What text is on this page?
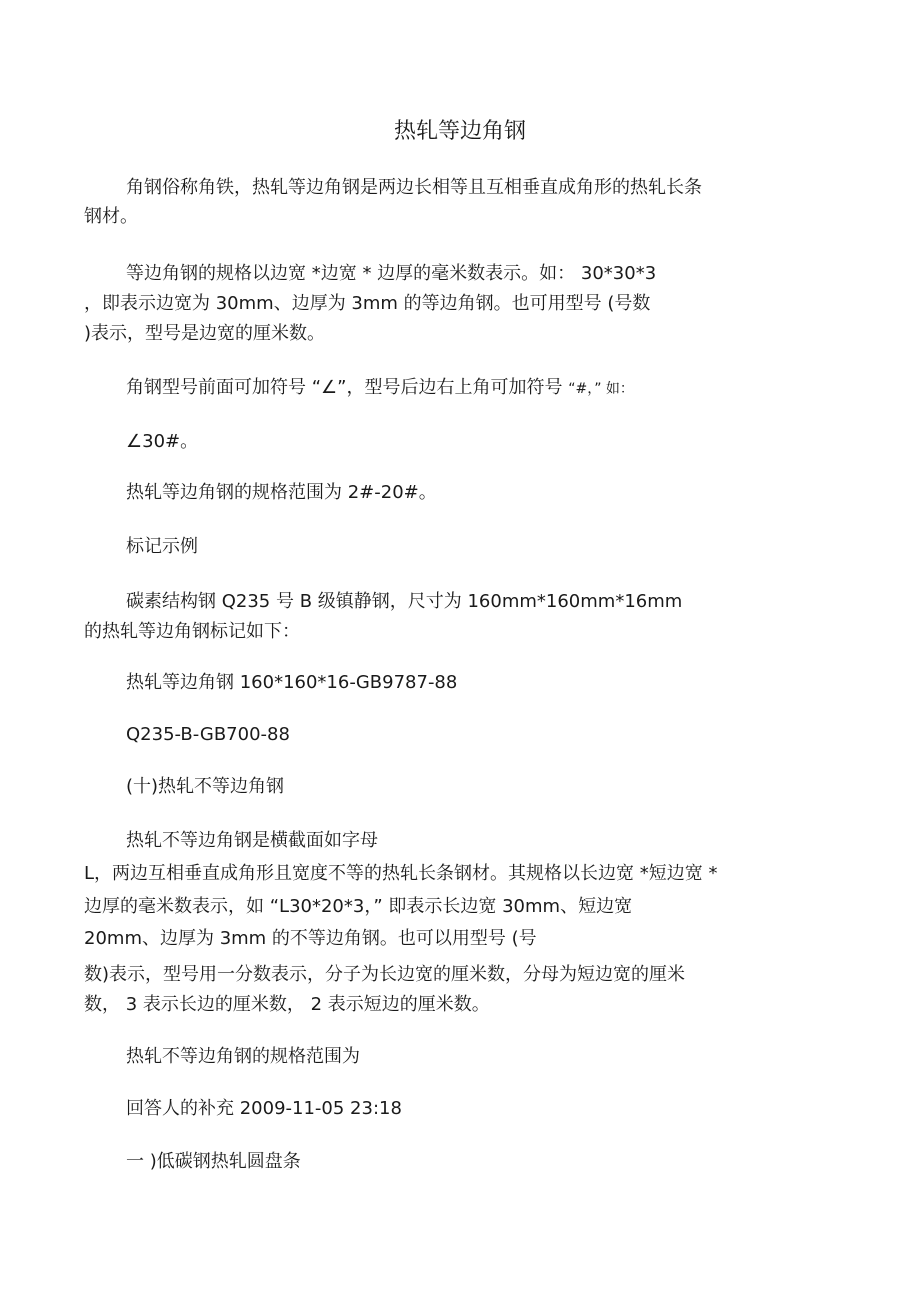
热轧等边角钢
角钢俗称角铁，热轧等边角钢是两边长相等且互相垂直成角形的热轧长条
钢材。
等边角钢的规格以边宽 *边宽 * 边厚的毫米数表示。如： 30*30*3
，即表示边宽为 30mm、边厚为 3mm 的等边角钢。也可用型号 (号数
)表示，型号是边宽的厘米数。
角钢型号前面可加符号 “∠”，型号后边右上角可加符号 “#，” 如：
∠30#。
热轧等边角钢的规格范围为 2#-20#。
标记示例
碳素结构钢 Q235 号 B 级镇静钢，尺寸为 160mm*160mm*16mm
的热轧等边角钢标记如下：
热轧等边角钢 160*160*16-GB9787-88
Q235-B-GB700-88
(十)热轧不等边角钢
热轧不等边角钢是横截面如字母
L，两边互相垂直成角形且宽度不等的热轧长条钢材。其规格以长边宽 *短边宽 *
边厚的毫米数表示，如 “L30*20*3，” 即表示长边宽 30mm、短边宽
20mm、边厚为 3mm 的不等边角钢。也可以用型号 (号
数)表示，型号用一分数表示，分子为长边宽的厘米数，分母为短边宽的厘米
数， 3 表示长边的厘米数， 2 表示短边的厘米数。
热轧不等边角钢的规格范围为
回答人的补充 2009-11-05 23:18
一 )低碳钢热轧圆盘条
